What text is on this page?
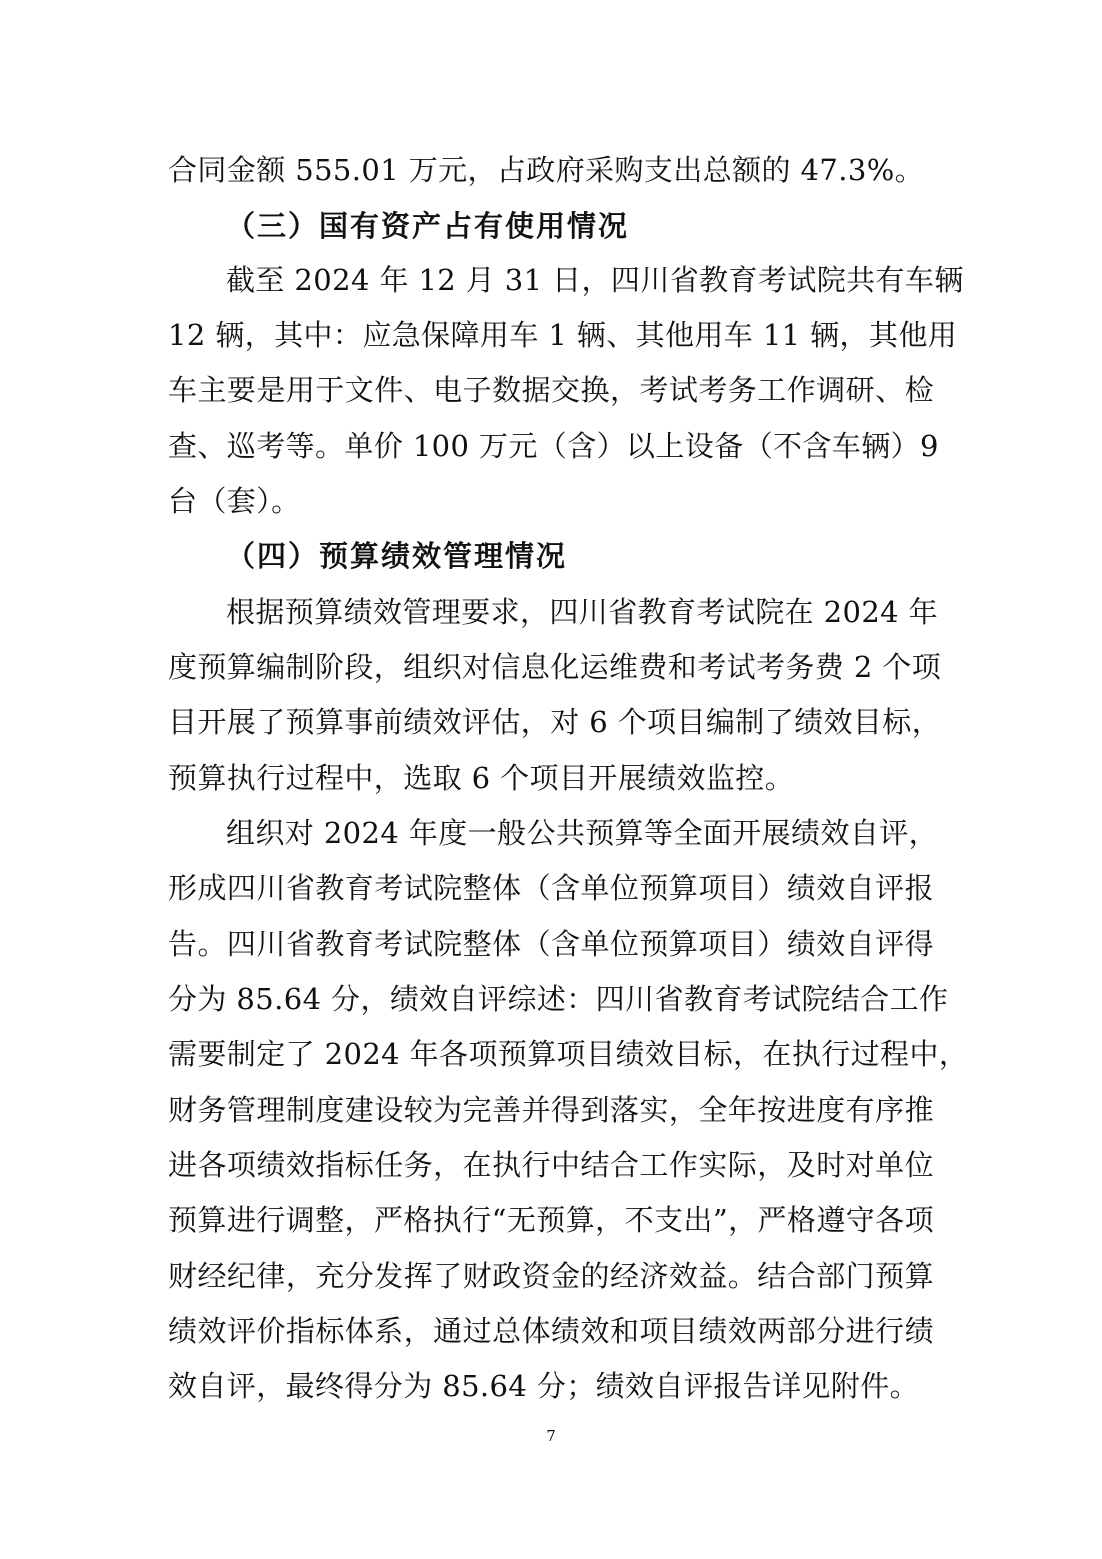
合同金额 555.01 万元，占政府采购支出总额的 47.3%。
（三）国有资产占有使用情况
截至 2024 年 12 月 31 日，四川省教育考试院共有车辆
12 辆，其中：应急保障用车 1 辆、其他用车 11 辆，其他用
车主要是用于文件、电子数据交换，考试考务工作调研、检
查、巡考等。单价 100 万元（含）以上设备（不含车辆）9
台（套）。
（四）预算绩效管理情况
根据预算绩效管理要求，四川省教育考试院在 2024 年
度预算编制阶段，组织对信息化运维费和考试考务费 2 个项
目开展了预算事前绩效评估，对 6 个项目编制了绩效目标，
预算执行过程中，选取 6 个项目开展绩效监控。
组织对 2024 年度一般公共预算等全面开展绩效自评，
形成四川省教育考试院整体（含单位预算项目）绩效自评报
告。四川省教育考试院整体（含单位预算项目）绩效自评得
分为 85.64 分，绩效自评综述：四川省教育考试院结合工作
需要制定了 2024 年各项预算项目绩效目标，在执行过程中，
财务管理制度建设较为完善并得到落实，全年按进度有序推
进各项绩效指标任务，在执行中结合工作实际，及时对单位
预算进行调整，严格执行“无预算，不支出”，严格遵守各项
财经纪律，充分发挥了财政资金的经济效益。结合部门预算
绩效评价指标体系，通过总体绩效和项目绩效两部分进行绩
效自评，最终得分为 85.64 分；绩效自评报告详见附件。
7
